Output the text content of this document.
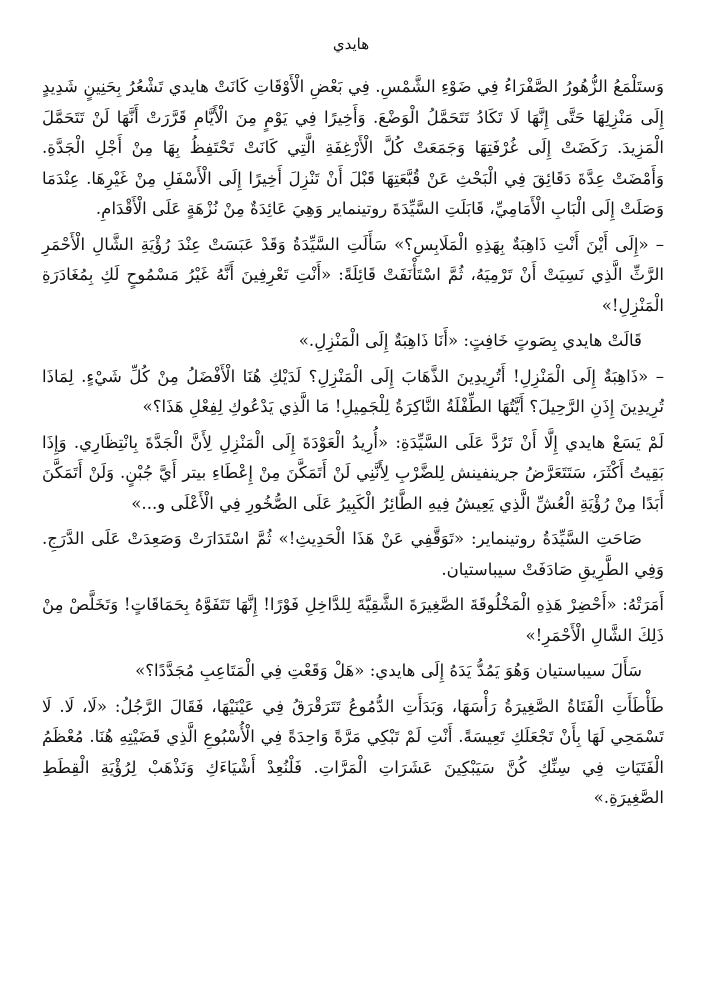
هايدي

وَستَلْمَعُ الزُّهُورُ الصَّفْرَاءُ فِي ضَوْءِ الشَّمْسِ. فِي بَعْضِ الْأَوْقَاتِ كَانَتْ هايدي تَشْعُرُ بِحَنِينٍ شَدِيدٍ إِلَى مَنْزِلِهَا حَتَّى إِنَّهَا لَا تَكَادُ تَتَحَمَّلُ الْوَضْعَ. وَأَخِيرًا فِي يَوْمٍ مِنَ الْأَيَّامِ قَرَّرَتْ أَنَّهَا لَنْ تَتَحَمَّلَ الْمَزِيدَ. رَكَضَتْ إِلَى غُرْفَتِهَا وَجَمَعَتْ كُلَّ الْأَرْغِفَةِ الَّتِي كَانَتْ تَحْتَفِظُ بِهَا مِنْ أَجْلِ الْجَدَّةِ. وَأَمْضَتْ عِدَّةَ دَقَائِقَ فِي الْبَحْثِ عَنْ قُبَّعَتِهَا قَبْلَ أَنْ تَنْزِلَ أَخِيرًا إِلَى الْأَسْفَلِ مِنْ غَيْرِهَا. عِنْدَمَا وَصَلَتْ إِلَى الْبَابِ الْأَمَامِيِّ، قَابَلَتِ السَّيِّدَةَ روتينماير وَهِيَ عَائِدَةٌ مِنْ نُزْهَةٍ عَلَى الْأَقْدَامِ.

– «إِلَى أَيْنَ أَنْتِ ذَاهِبَةٌ بِهَذِهِ الْمَلَابِسِ؟» سَأَلَتِ السَّيِّدَةُ وَقَدْ عَبَسَتْ عِنْدَ رُؤْيَةِ الشَّالِ الْأَحْمَرِ الرَّثِّ الَّذِي نَسِيَتْ أَنْ تَرْمِيَهُ، ثُمَّ اسْتَأْنَفَتْ قَائِلَةً: «أَنْتِ تَعْرِفِينَ أَنَّهُ غَيْرُ مَسْمُوحٍ لَكِ بِمُغَادَرَةِ الْمَنْزِلِ!»

قَالَتْ هايدي بِصَوتٍ خَافِتٍ: «أَنَا ذَاهِبَةٌ إِلَى الْمَنْزِلِ.»

– «ذَاهِبَةٌ إِلَى الْمَنْزِلِ! أَتُرِيدِينَ الذَّهَابَ إِلَى الْمَنْزِلِ؟ لَدَيْكِ هُنَا الْأَفْضَلُ مِنْ كُلِّ شَيْءٍ. لِمَاذَا تُرِيدِينَ إِذَنِ الرَّحِيلَ؟ أَيَّتُهَا الطِّفْلَةُ النَّاكِرَةُ لِلْجَمِيلِ! مَا الَّذِي يَدْعُوكِ لِفِعْلِ هَذَا؟»

لَمْ يَسَعْ هايدي إِلَّا أَنْ تَرُدَّ عَلَى السَّيِّدَةِ: «أُرِيدُ الْعَوْدَةَ إِلَى الْمَنْزِلِ لِأَنَّ الْجَدَّةَ بِانْتِظَارِي. وَإِذَا بَقِيتُ أَكْثَرَ، سَتَتَعَرَّضُ جرينفينش لِلضَّرْبِ لِأَنَّنِي لَنْ أَتَمَكَّنَ مِنْ إِعْطَاءِ بيتر أَيَّ جُبْنٍ. وَلَنْ أَتَمَكَّنَ أَبَدًا مِنْ رُؤْيَةِ الْعُشِّ الَّذِي يَعِيشُ فِيهِ الطَّائِرُ الْكَبِيرُ عَلَى الصُّخُورِ فِي الْأَعْلَى و...»

صَاحَتِ السَّيِّدَةُ روتينماير: «تَوَقَّفِي عَنْ هَذَا الْحَدِيثِ!» ثُمَّ اسْتَدَارَتْ وَصَعِدَتْ عَلَى الدَّرَجِ. وَفِي الطَّرِيقِ صَادَفَتْ سيباستيان.

أَمَرَتْهُ: «أَحْضِرْ هَذِهِ الْمَخْلُوقَةَ الصَّغِيرَةَ الشَّقِيَّةَ لِلدَّاخِلِ فَوْرًا! إِنَّهَا تَتَفَوَّهُ بِحَمَاقَاتٍ! وَتَخَلَّصْ مِنْ ذَلِكَ الشَّالِ الْأَحْمَرِ!»

سَأَلَ سيباستيان وَهُوَ يَمُدُّ يَدَهُ إِلَى هايدي: «هَلْ وَقَعْتِ فِي الْمَتَاعِبِ مُجَدَّدًا؟»

طَأْطَأَتِ الْفَتَاةُ الصَّغِيرَةُ رَأْسَهَا، وَبَدَأَتِ الدُّمُوعُ تَتَرَقْرَقُ فِي عَيْنَيْهَا، فَقَالَ الرَّجُلُ: «لَا، لَا. لَا تَسْمَحِي لَهَا بِأَنْ تَجْعَلَكِ تَعِيسَةً. أَنْتِ لَمْ تَبْكِي مَرَّةً وَاحِدَةً فِي الْأُسْبُوعِ الَّذِي قَضَيْتِهِ هُنَا. مُعْظَمُ الْفَتَيَاتِ فِي سِنِّكِ كُنَّ سَيَبْكِينَ عَشَرَاتِ الْمَرَّاتِ. فَلْنُعِدْ أَشْيَاءَكِ وَنَذْهَبْ لِرُؤْيَةِ الْقِطَطِ الصَّغِيرَةِ.»
